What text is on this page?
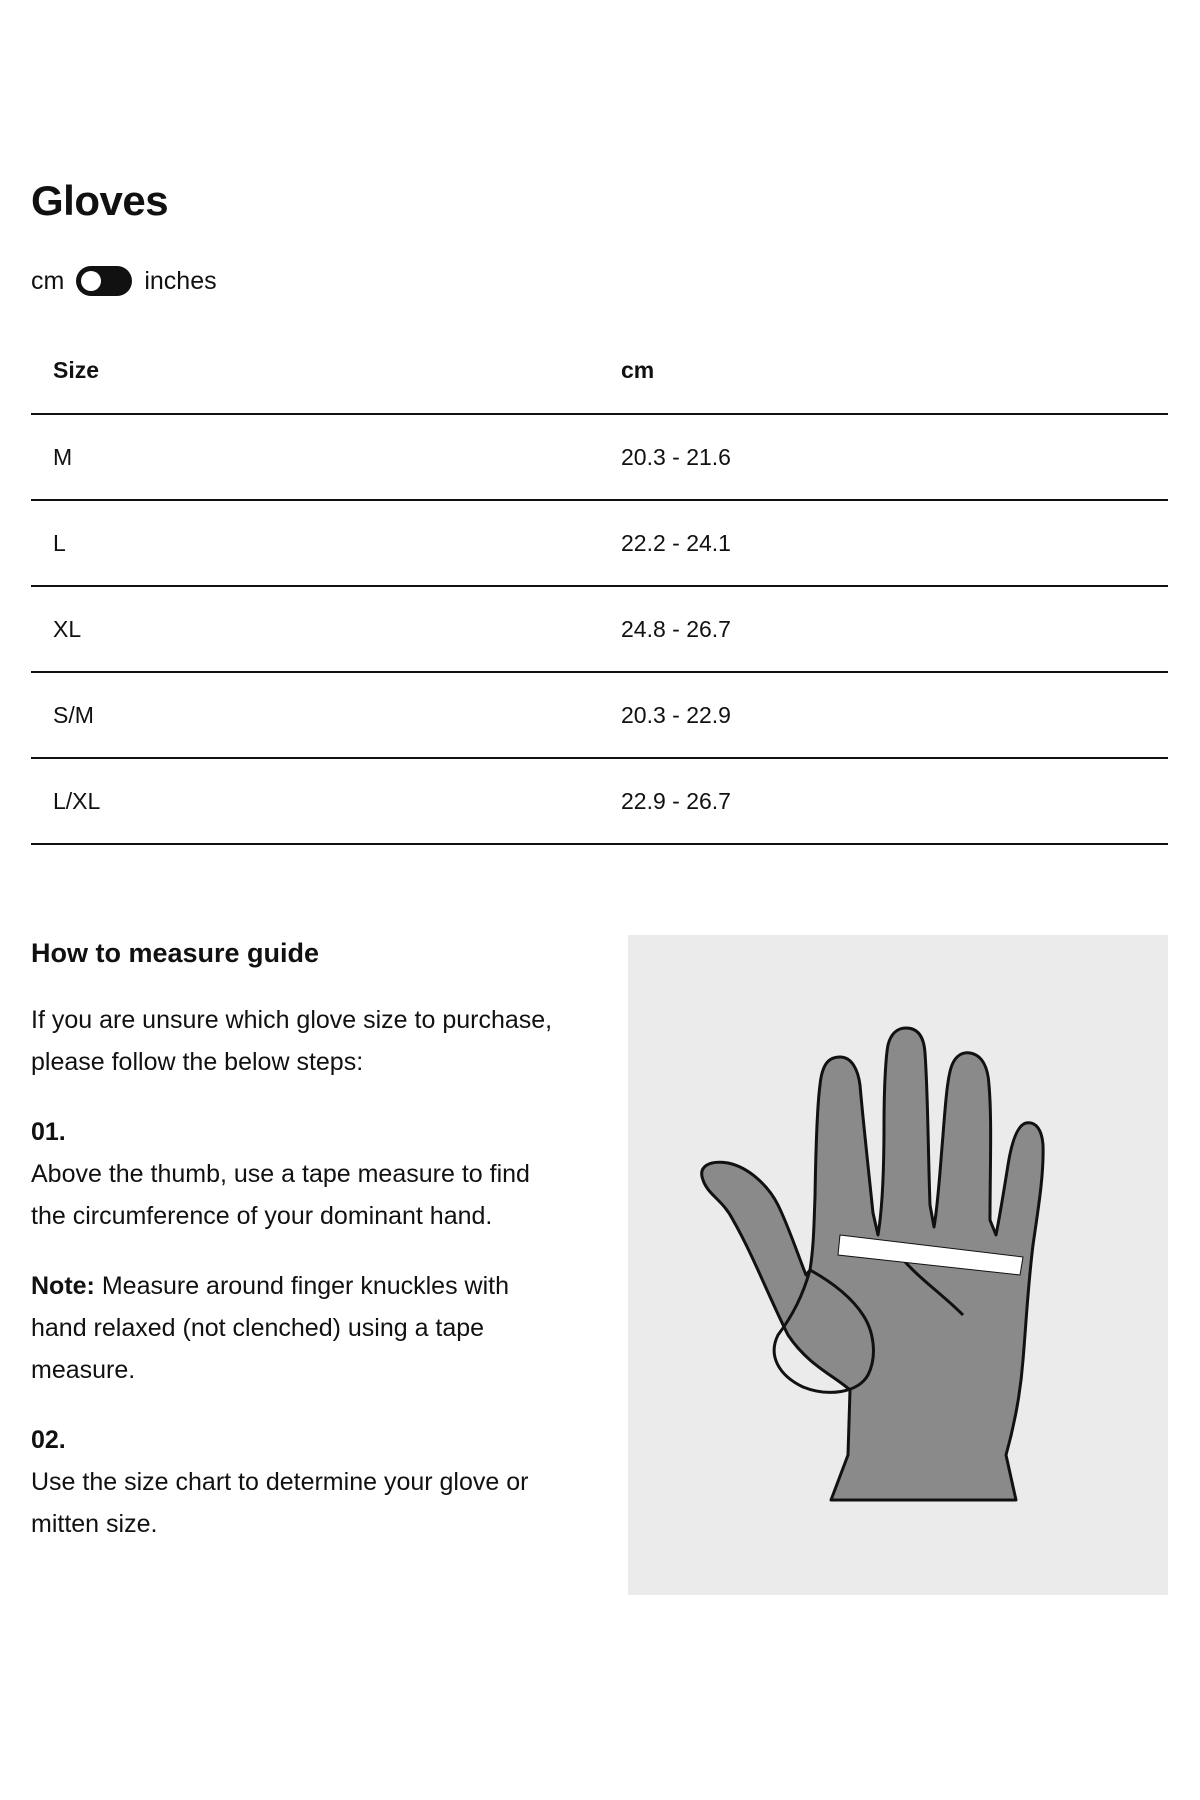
Gloves
cm	inches
Size	cm
M	20.3 - 21.6
L	22.2 - 24.1
XL	24.8 - 26.7
S/M	20.3 - 22.9
L/XL	22.9 - 26.7
How to measure guide

If you are unsure which glove size to purchase, please follow the below steps:

01.
Above the thumb, use a tape measure to find the circumference of your dominant hand.

Note: Measure around finger knuckles with hand relaxed (not clenched) using a tape measure.

02.
Use the size chart to determine your glove or mitten size.
